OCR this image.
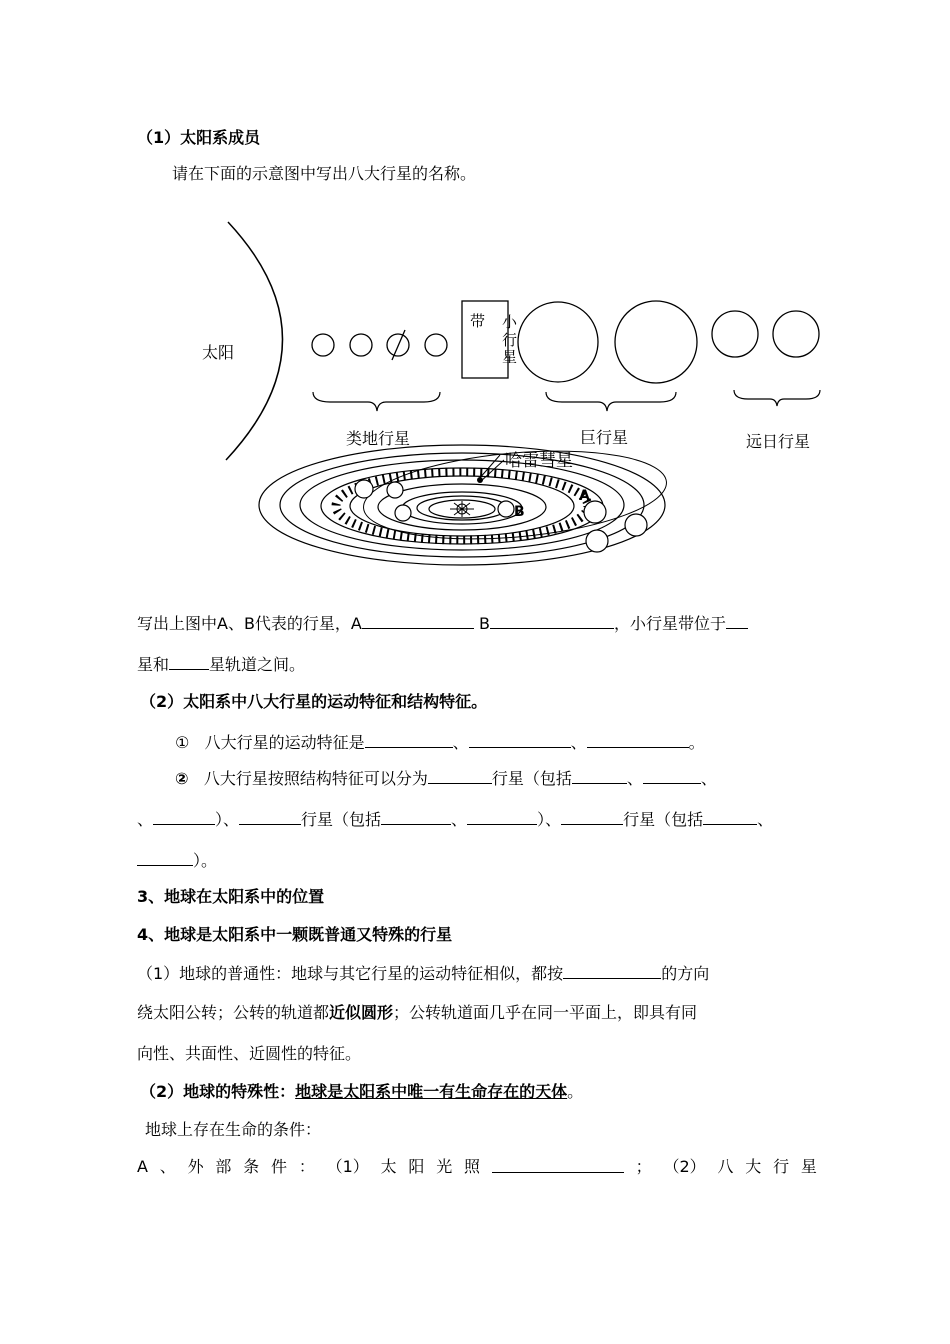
（1）太阳系成员
请在下面的示意图中写出八大行星的名称。
太阳
带 小
行
星
类地行星	巨行星	远日行星
哈雷彗星
A
B
写出上图中A、B代表的行星，A	B	，小行星带位于
星和	星轨道之间。
（2）太阳系中八大行星的运动特征和结构特征。
① 八大行星的运动特征是	、	、	。
② 八大行星按照结构特征可以分为	行星（包括	、	、
、	）、	行星（包括	、	）、	行星（包括	、
）。
3、地球在太阳系中的位置
4、地球是太阳系中一颗既普通又特殊的行星
（1）地球的普通性：地球与其它行星的运动特征相似，都按	的方向
绕太阳公转；公转的轨道都近似圆形；公转轨道面几乎在同一平面上，即具有同
向性、共面性、近圆性的特征。
（2）地球的特殊性：地球是太阳系中唯一有生命存在的天体。
地球上存在生命的条件：
A 、 外 部 条 件 ： （1） 太 阳 光 照	； （2） 八 大 行 星
